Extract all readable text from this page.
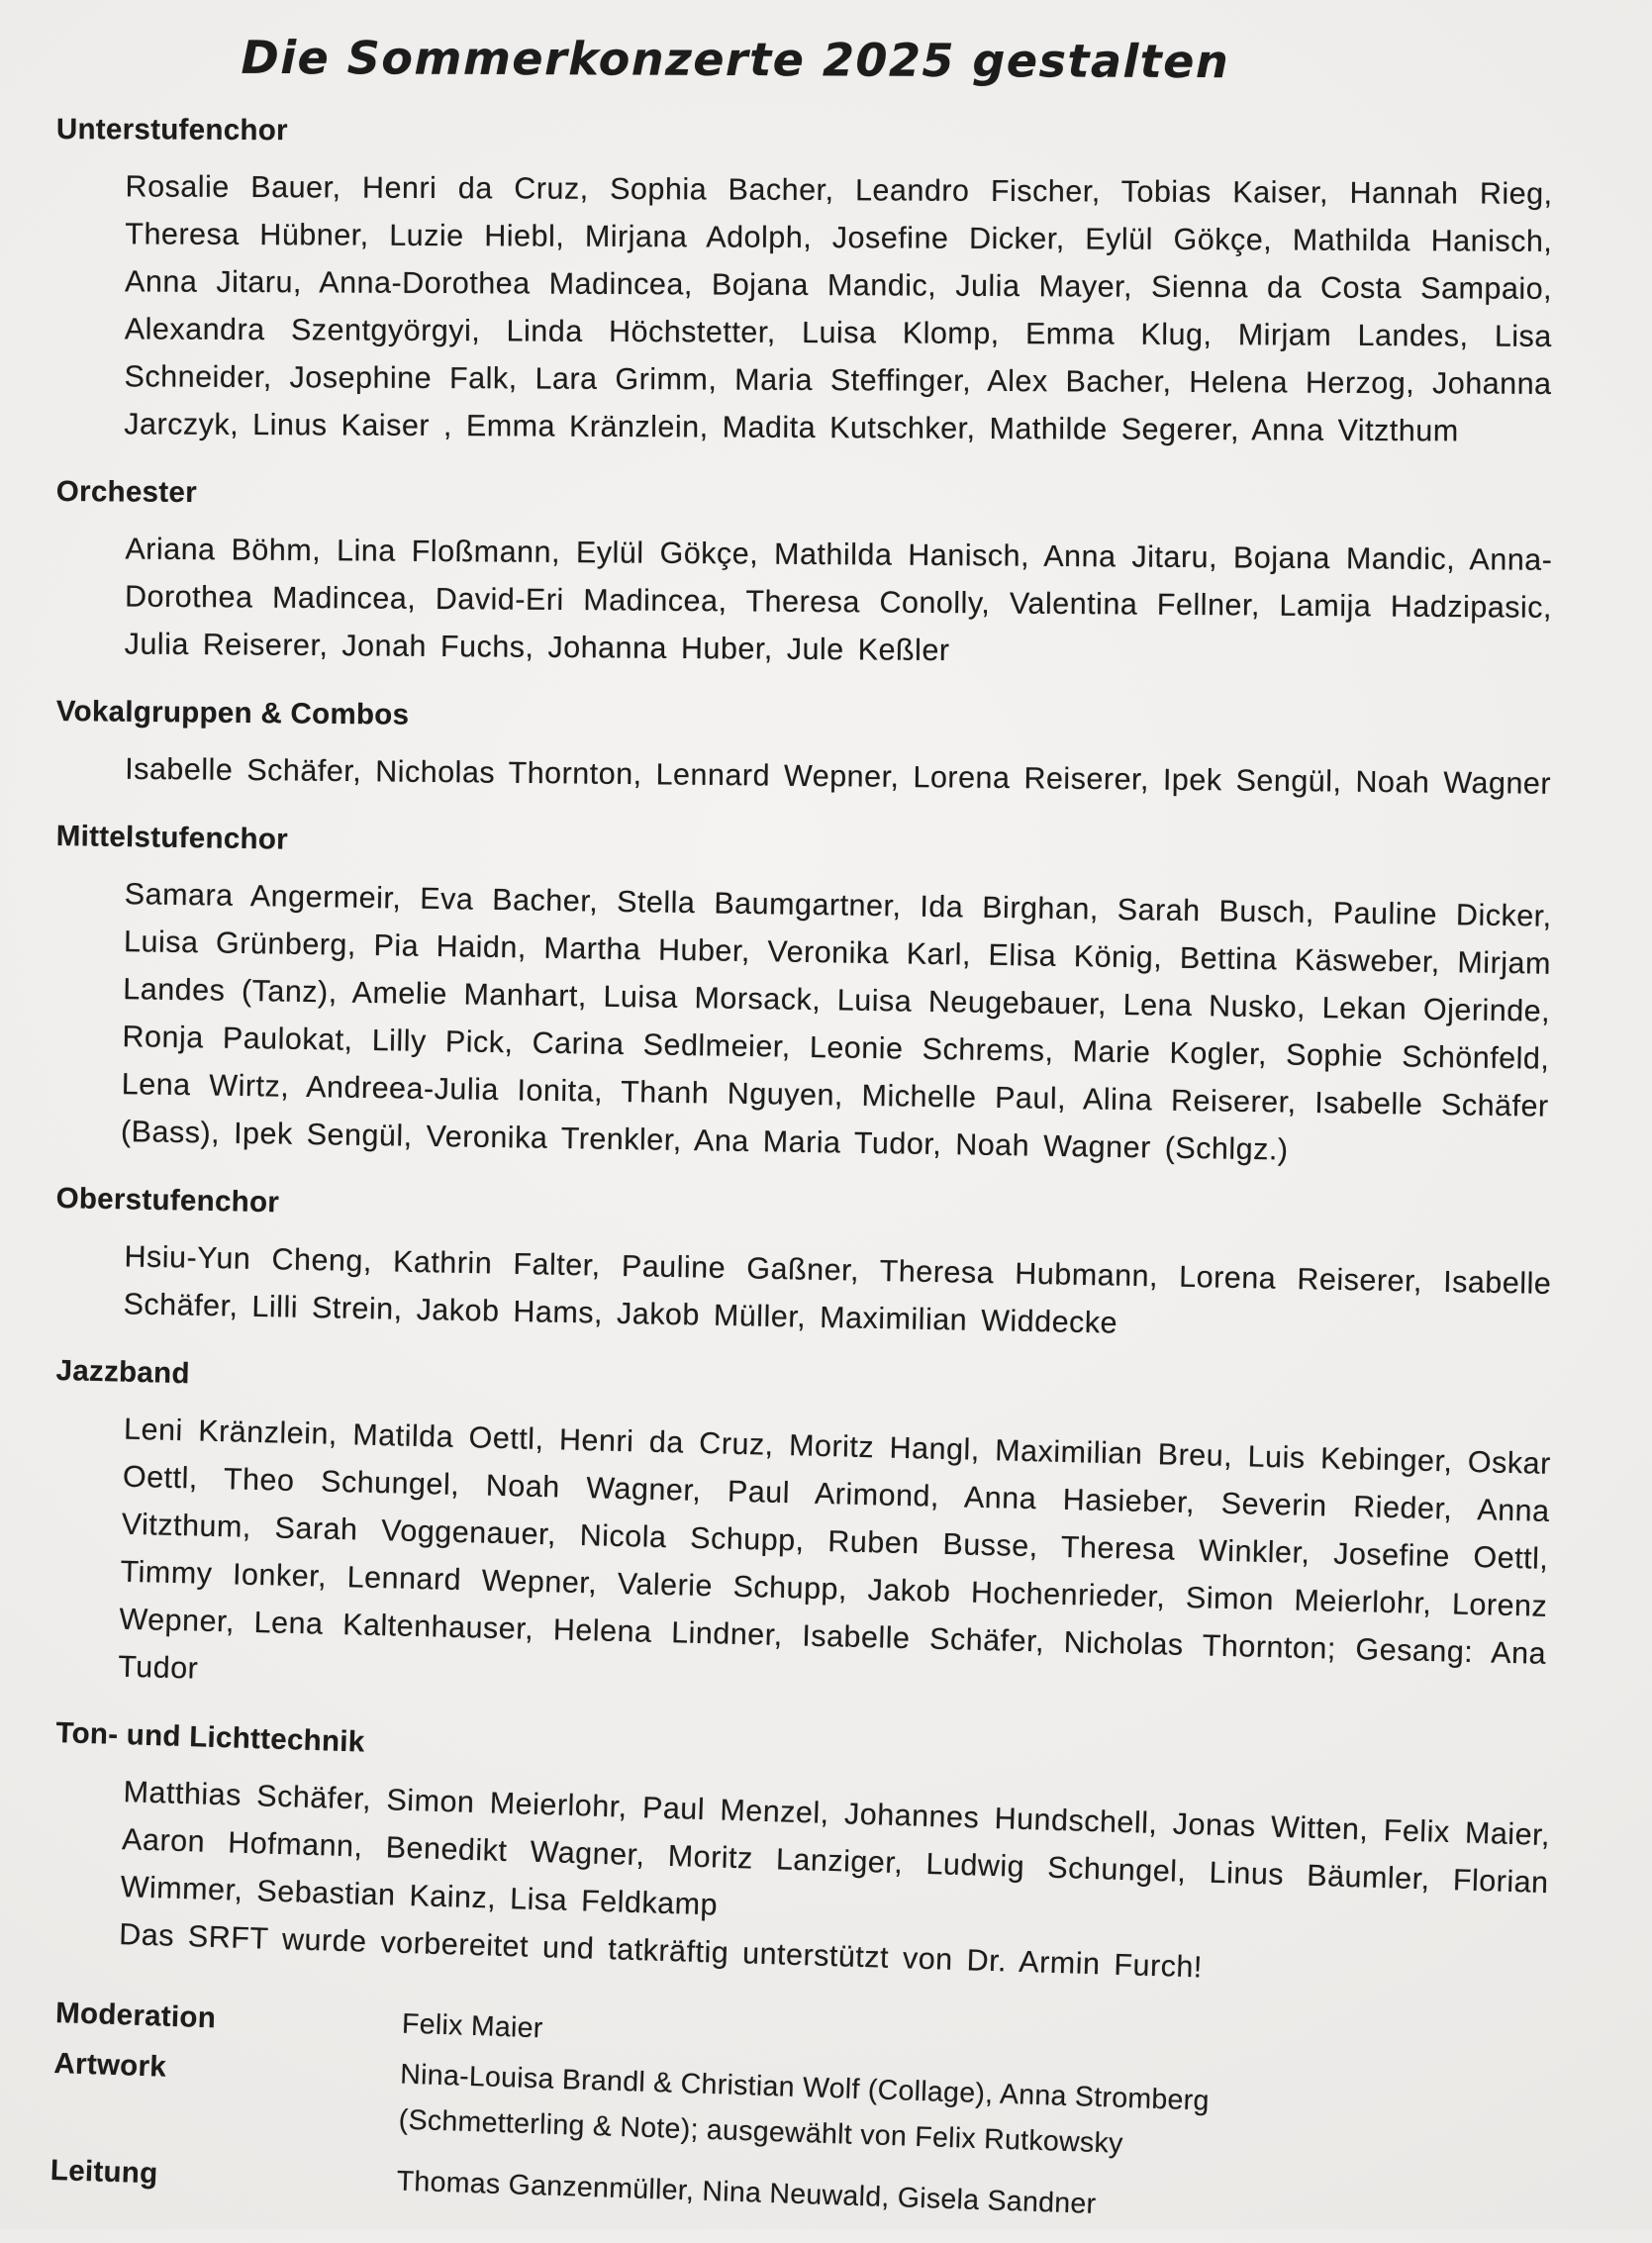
Die Sommerkonzerte 2025 gestalten
Unterstufenchor

Rosalie Bauer, Henri da Cruz, Sophia Bacher, Leandro Fischer, Tobias Kaiser, Hannah Rieg, Theresa Hübner, Luzie Hiebl, Mirjana Adolph, Josefine Dicker, Eylül Gökçe, Mathilda Hanisch, Anna Jitaru, Anna-Dorothea Madincea, Bojana Mandic, Julia Mayer, Sienna da Costa Sampaio, Alexandra Szentgyörgyi, Linda Höchstetter, Luisa Klomp, Emma Klug, Mirjam Landes, Lisa Schneider, Josephine Falk, Lara Grimm, Maria Steffinger, Alex Bacher, Helena Herzog, Johanna Jarczyk, Linus Kaiser , Emma Kränzlein, Madita Kutschker, Mathilde Segerer, Anna Vitzthum

Orchester

Ariana Böhm, Lina Floßmann, Eylül Gökçe, Mathilda Hanisch, Anna Jitaru, Bojana Mandic, Anna-Dorothea Madincea, David-Eri Madincea, Theresa Conolly, Valentina Fellner, Lamija Hadzipasic, Julia Reiserer, Jonah Fuchs, Johanna Huber, Jule Keßler

Vokalgruppen & Combos

Isabelle Schäfer, Nicholas Thornton, Lennard Wepner, Lorena Reiserer, Ipek Sengül, Noah Wagner

Mittelstufenchor

Samara Angermeir, Eva Bacher, Stella Baumgartner, Ida Birghan, Sarah Busch, Pauline Dicker, Luisa Grünberg, Pia Haidn, Martha Huber, Veronika Karl, Elisa König, Bettina Käsweber, Mirjam Landes (Tanz), Amelie Manhart, Luisa Morsack, Luisa Neugebauer, Lena Nusko, Lekan Ojerinde, Ronja Paulokat, Lilly Pick, Carina Sedlmeier, Leonie Schrems, Marie Kogler, Sophie Schönfeld, Lena Wirtz, Andreea-Julia Ionita, Thanh Nguyen, Michelle Paul, Alina Reiserer, Isabelle Schäfer (Bass), Ipek Sengül, Veronika Trenkler, Ana Maria Tudor, Noah Wagner (Schlgz.)

Oberstufenchor

Hsiu-Yun Cheng, Kathrin Falter, Pauline Gaßner, Theresa Hubmann, Lorena Reiserer, Isabelle Schäfer, Lilli Strein, Jakob Hams, Jakob Müller, Maximilian Widdecke

Jazzband

Leni Kränzlein, Matilda Oettl, Henri da Cruz, Moritz Hangl, Maximilian Breu, Luis Kebinger, Oskar Oettl, Theo Schungel, Noah Wagner, Paul Arimond, Anna Hasieber, Severin Rieder, Anna Vitzthum, Sarah Voggenauer, Nicola Schupp, Ruben Busse, Theresa Winkler, Josefine Oettl, Timmy Ionker, Lennard Wepner, Valerie Schupp, Jakob Hochenrieder, Simon Meierlohr, Lorenz Wepner, Lena Kaltenhauser, Helena Lindner, Isabelle Schäfer, Nicholas Thornton; Gesang: Ana Tudor

Ton- und Lichttechnik

Matthias Schäfer, Simon Meierlohr, Paul Menzel, Johannes Hundschell, Jonas Witten, Felix Maier, Aaron Hofmann, Benedikt Wagner, Moritz Lanziger, Ludwig Schungel, Linus Bäumler, Florian Wimmer, Sebastian Kainz, Lisa Feldkamp

Das SRFT wurde vorbereitet und tatkräftig unterstützt von Dr. Armin Furch!

Moderation	Felix Maier
Artwork	Nina-Louisa Brandl & Christian Wolf (Collage), Anna Stromberg (Schmetterling & Note); ausgewählt von Felix Rutkowsky
Leitung	Thomas Ganzenmüller, Nina Neuwald, Gisela Sandner
